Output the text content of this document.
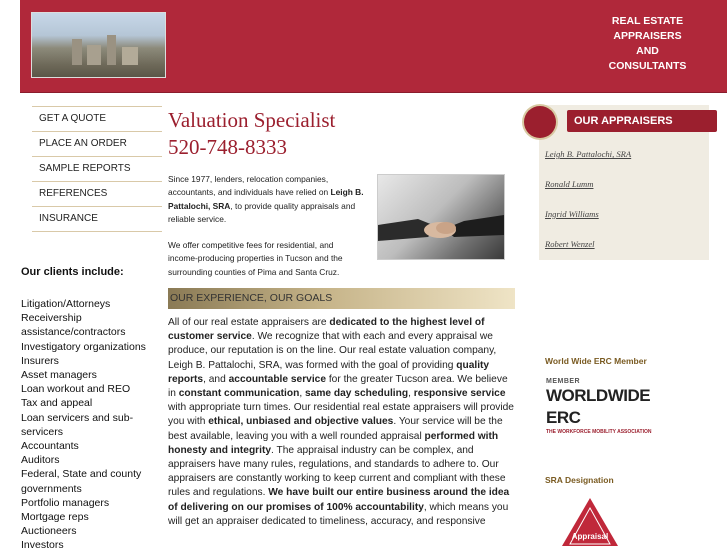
REAL ESTATE
APPRAISERS
AND
CONSULTANTS
GET A QUOTE
PLACE AN ORDER
SAMPLE REPORTS
REFERENCES
INSURANCE
Our clients include:
Litigation/Attorneys
Receivership
assistance/contractors
Investigatory organizations
Insurers
Asset managers
Loan workout and REO
Tax and appeal
Loan servicers and sub-
servicers
Accountants
Auditors
Federal, State and county
governments
Portfolio managers
Mortgage reps
Auctioneers
Investors
Valuation Specialist
520-748-8333

Since 1977, lenders, relocation companies, accountants, and individuals have relied on Leigh B. Pattalochi, SRA, to provide quality appraisals and reliable service.

We offer competitive fees for residential, and income-producing properties in Tucson and the surrounding counties of Pima and Santa Cruz.

OUR EXPERIENCE, OUR GOALS
All of our real estate appraisers are dedicated to the highest level of customer service. We recognize that with each and every appraisal we produce, our reputation is on the line. Our real estate valuation company, Leigh B. Pattalochi, SRA, was formed with the goal of providing quality reports, and accountable service for the greater Tucson area. We believe in constant communication, same day scheduling, responsive service with appropriate turn times. Our residential real estate appraisers will provide you with ethical, unbiased and objective values. Your service will be the best available, leaving you with a well rounded appraisal performed with honesty and integrity. The appraisal industry can be complex, and appraisers have many rules, regulations, and standards to adhere to. Our appraisers are constantly working to keep current and compliant with these rules and regulations. We have built our entire business around the idea of delivering on our promises of 100% accountability, which means you will get an appraiser dedicated to timeliness, accuracy, and responsive
OUR APPRAISERS
Leigh B. Pattalochi, SRA
Ronald Lumm
Ingrid Williams
Robert Wenzel
World Wide ERC Member
MEMBER
WORLDWIDE ERC
THE WORKFORCE MOBILITY ASSOCIATION
SRA Designation
Appraisal
